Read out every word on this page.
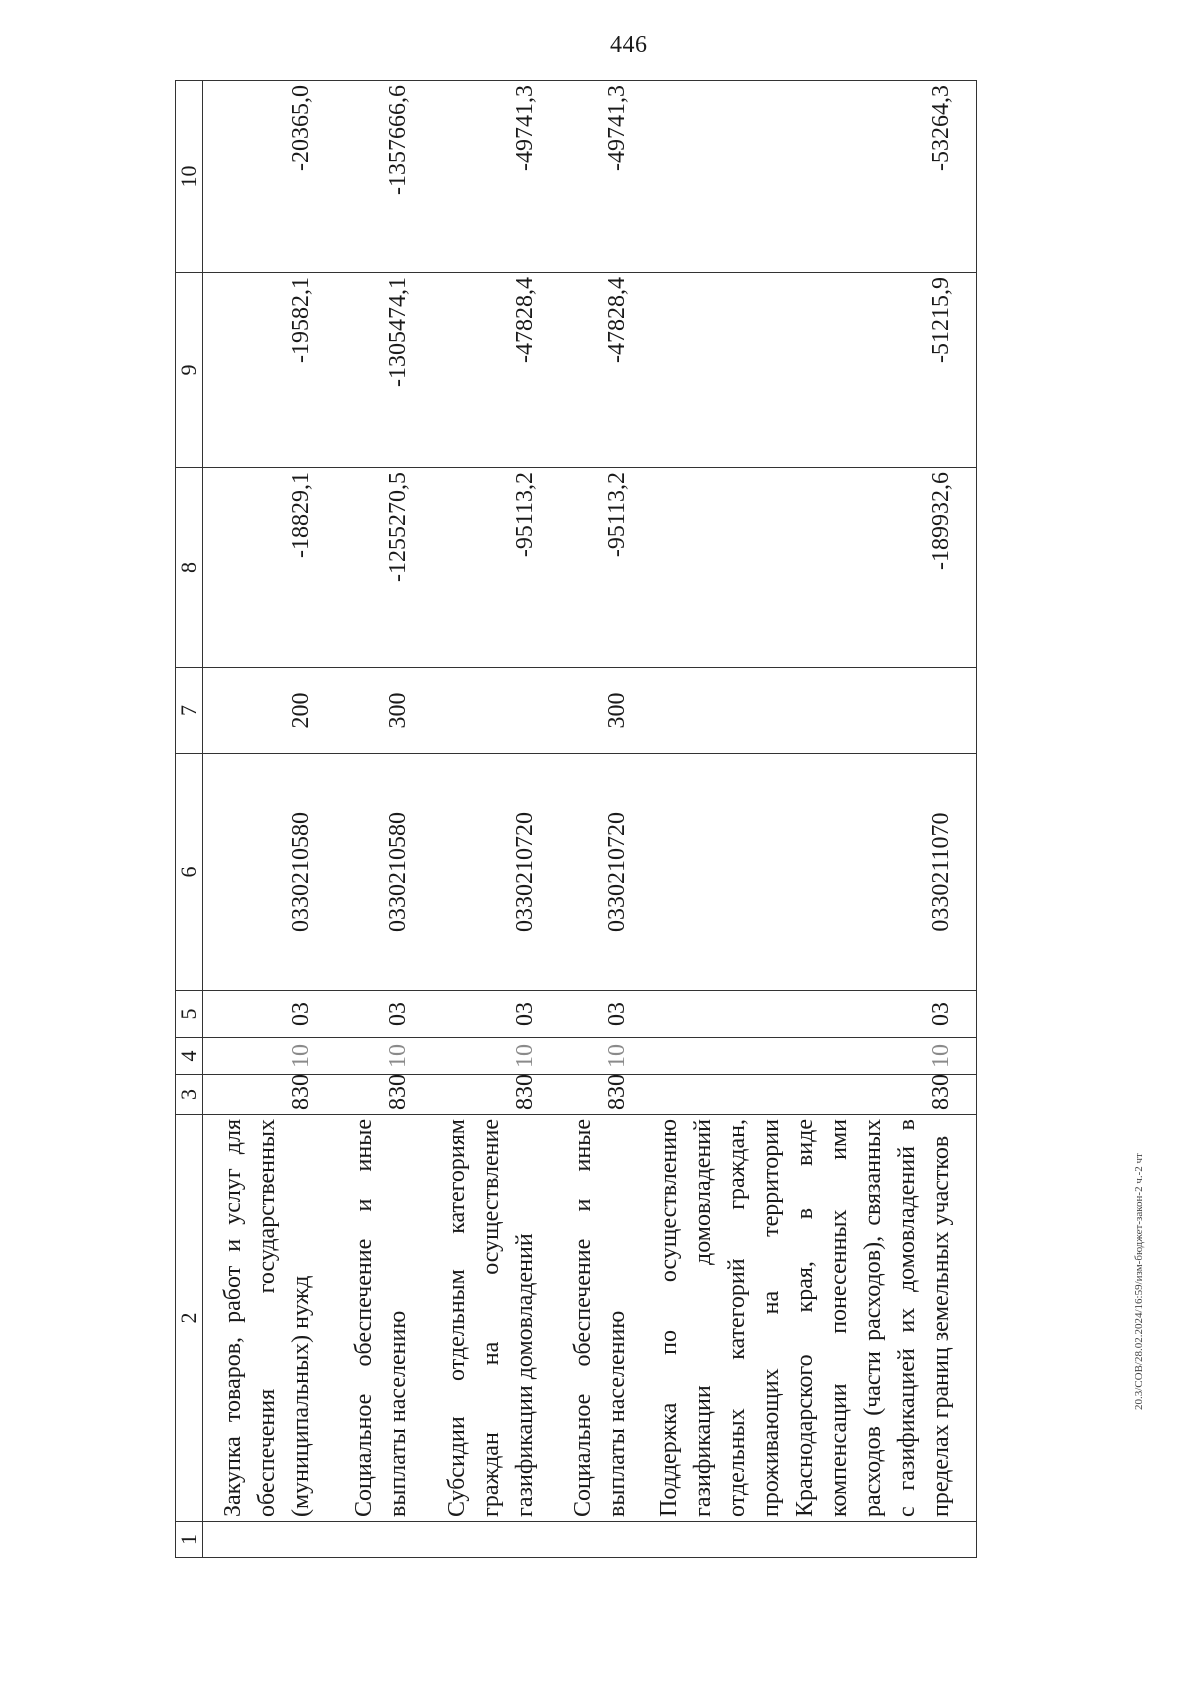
446
1	2	3	4	5	6	7	8	9	10
	Закупка товаров, работ и услуг для обеспечения государственных (муниципальных) нужд	830	10	03	0330210580	200	-18829,1	-19582,1	-20365,0
	Социальное обеспечение и иные выплаты населению	830	10	03	0330210580	300	-1255270,5	-1305474,1	-1357666,6
	Субсидии отдельным категориям граждан на осуществление газификации домовладений	830	10	03	0330210720		-95113,2	-47828,4	-49741,3
	Социальное обеспечение и иные выплаты населению	830	10	03	0330210720	300	-95113,2	-47828,4	-49741,3
	Поддержка по осуществлению газификации домовладений отдельных категорий граждан, проживающих на территории Краснодарского края, в виде компенсации понесенных ими расходов (части расходов), связанных с газификацией их домовладений в пределах границ земельных участков	830	10	03	0330211070		-189932,6	-51215,9	-53264,3
20.3/СОВ/28.02.2024/16:59/изм-бюджет-закон-2 ч.-2 чт
